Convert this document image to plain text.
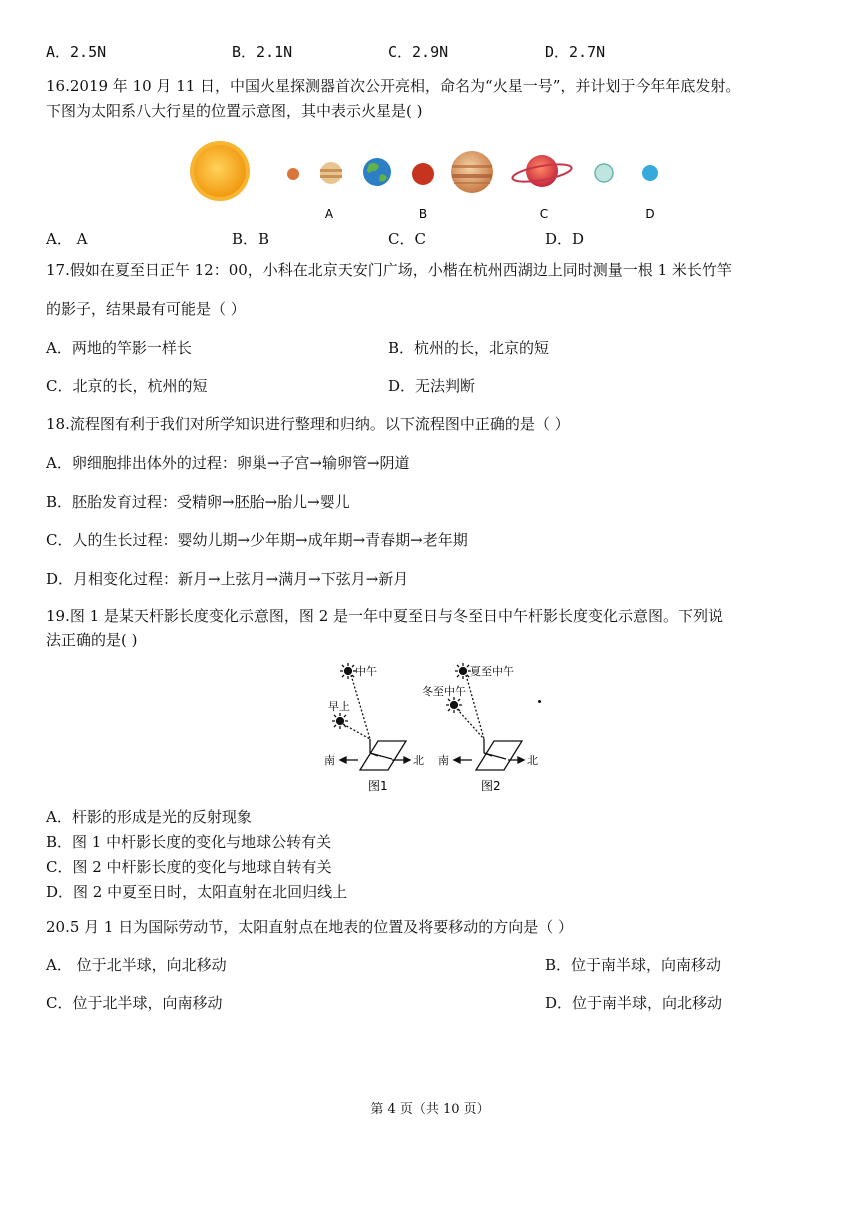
A．2.5N	B．2.1N	C．2.9N	D．2.7N
16.2019 年 10 月 11 日，中国火星探测器首次公开亮相，命名为“火星一号”，并计划于今年年底发射。
下图为太阳系八大行星的位置示意图，其中表示火星是( )
A	B	C	D
A． A	B．B	C．C	D．D
17.假如在夏至日正午 12：00，小科在北京天安门广场，小楷在杭州西湖边上同时测量一根 1 米长竹竿
的影子，结果最有可能是（ ）
A．两地的竿影一样长	B．杭州的长，北京的短
C．北京的长，杭州的短	D．无法判断
18.流程图有利于我们对所学知识进行整理和归纳。以下流程图中正确的是（ ）
A．卵细胞排出体外的过程：卵巢→子宫→输卵管→阴道
B．胚胎发育过程：受精卵→胚胎→胎儿→婴儿
C．人的生长过程：婴幼儿期→少年期→成年期→青春期→老年期
D．月相变化过程：新月→上弦月→满月→下弦月→新月
19.图 1 是某天杆影长度变化示意图，图 2 是一年中夏至日与冬至日中午杆影长度变化示意图。下列说
法正确的是( )
中午
早上
南	北
图1
夏至中午
冬至中午
南	北
图2
A．杆影的形成是光的反射现象
B．图 1 中杆影长度的变化与地球公转有关
C．图 2 中杆影长度的变化与地球自转有关
D．图 2 中夏至日时，太阳直射在北回归线上
20.5 月 1 日为国际劳动节，太阳直射点在地表的位置及将要移动的方向是（ ）
A． 位于北半球，向北移动	B．位于南半球，向南移动
C．位于北半球，向南移动	D．位于南半球，向北移动
第 4 页（共 10 页）
